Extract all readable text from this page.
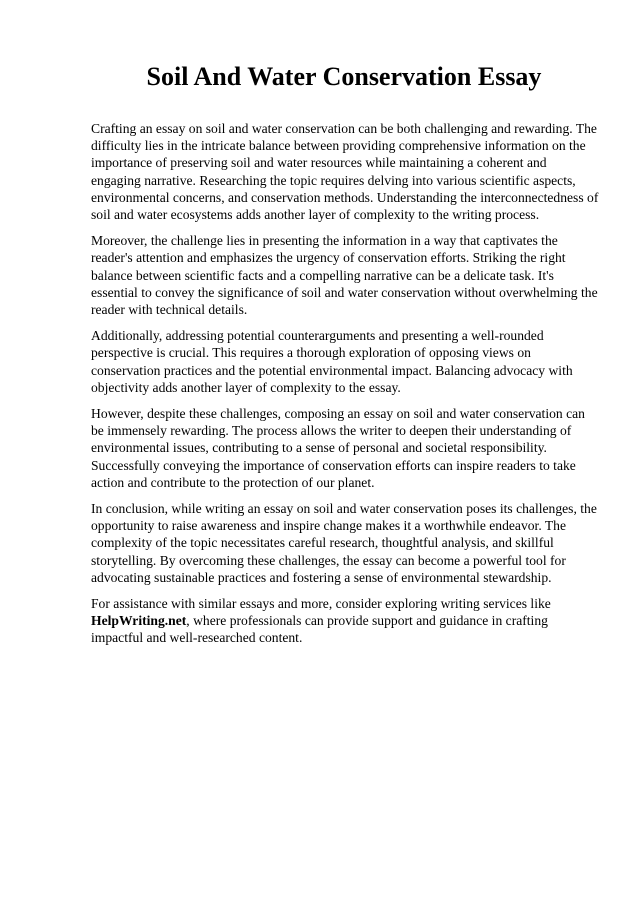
Soil And Water Conservation Essay

Crafting an essay on soil and water conservation can be both challenging and rewarding. The difficulty lies in the intricate balance between providing comprehensive information on the importance of preserving soil and water resources while maintaining a coherent and engaging narrative. Researching the topic requires delving into various scientific aspects, environmental concerns, and conservation methods. Understanding the interconnectedness of soil and water ecosystems adds another layer of complexity to the writing process.

Moreover, the challenge lies in presenting the information in a way that captivates the reader's attention and emphasizes the urgency of conservation efforts. Striking the right balance between scientific facts and a compelling narrative can be a delicate task. It's essential to convey the significance of soil and water conservation without overwhelming the reader with technical details.

Additionally, addressing potential counterarguments and presenting a well-rounded perspective is crucial. This requires a thorough exploration of opposing views on conservation practices and the potential environmental impact. Balancing advocacy with objectivity adds another layer of complexity to the essay.

However, despite these challenges, composing an essay on soil and water conservation can be immensely rewarding. The process allows the writer to deepen their understanding of environmental issues, contributing to a sense of personal and societal responsibility. Successfully conveying the importance of conservation efforts can inspire readers to take action and contribute to the protection of our planet.

In conclusion, while writing an essay on soil and water conservation poses its challenges, the opportunity to raise awareness and inspire change makes it a worthwhile endeavor. The complexity of the topic necessitates careful research, thoughtful analysis, and skillful storytelling. By overcoming these challenges, the essay can become a powerful tool for advocating sustainable practices and fostering a sense of environmental stewardship.

For assistance with similar essays and more, consider exploring writing services like HelpWriting.net, where professionals can provide support and guidance in crafting impactful and well-researched content.
